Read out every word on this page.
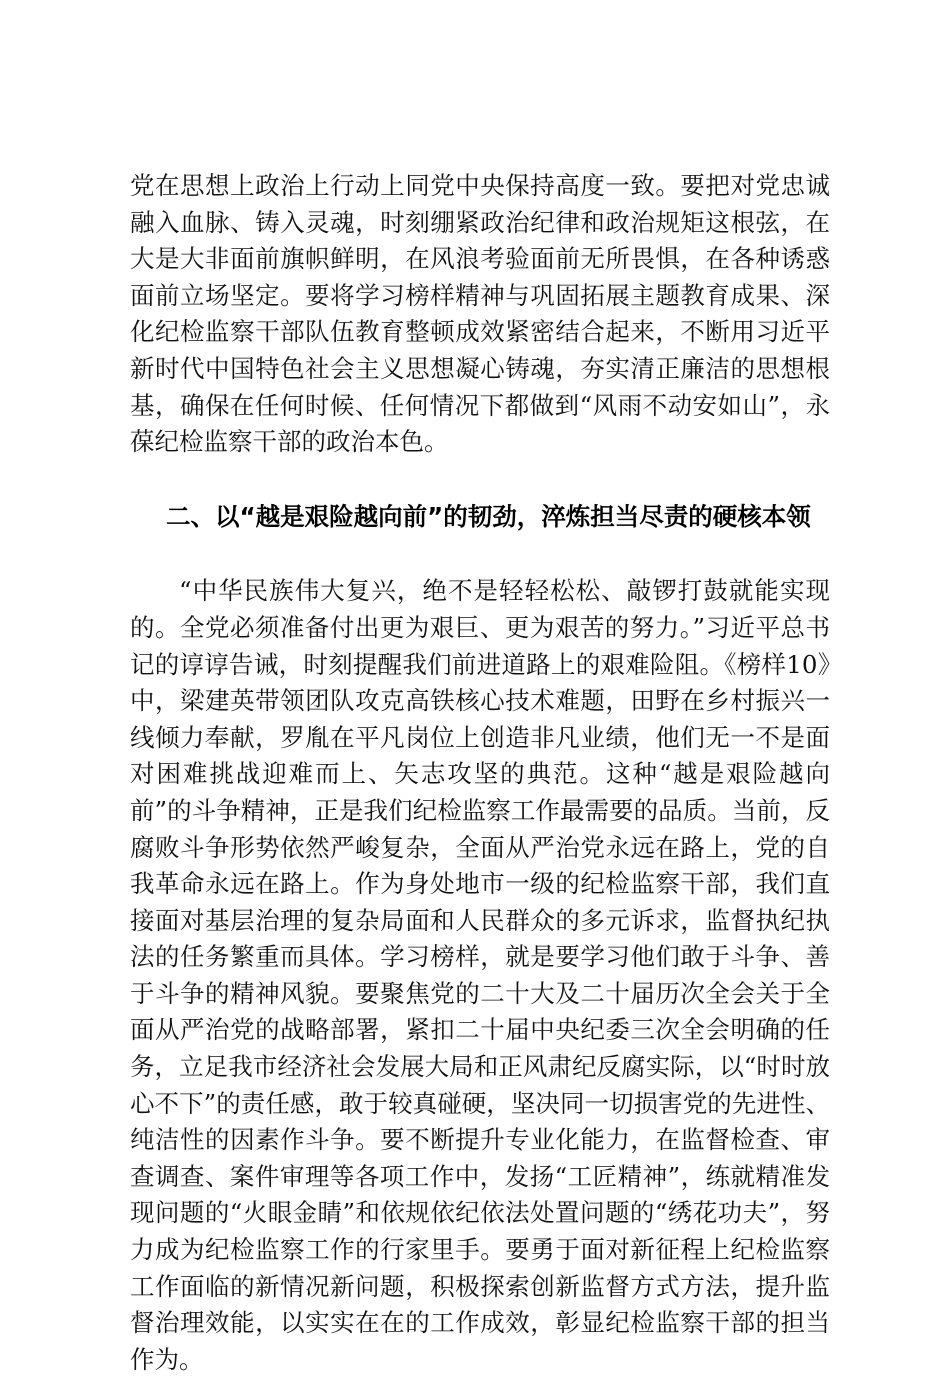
党在思想上政治上行动上同党中央保持高度一致。要把对党忠诚融入血脉、铸入灵魂，时刻绷紧政治纪律和政治规矩这根弦，在大是大非面前旗帜鲜明，在风浪考验面前无所畏惧，在各种诱惑面前立场坚定。要将学习榜样精神与巩固拓展主题教育成果、深化纪检监察干部队伍教育整顿成效紧密结合起来，不断用习近平新时代中国特色社会主义思想凝心铸魂，夯实清正廉洁的思想根基，确保在任何时候、任何情况下都做到“风雨不动安如山”，永葆纪检监察干部的政治本色。

二、以“越是艰险越向前”的韧劲，淬炼担当尽责的硬核本领

“中华民族伟大复兴，绝不是轻轻松松、敲锣打鼓就能实现的。全党必须准备付出更为艰巨、更为艰苦的努力。”习近平总书记的谆谆告诫，时刻提醒我们前进道路上的艰难险阻。《榜样10》中，梁建英带领团队攻克高铁核心技术难题，田野在乡村振兴一线倾力奉献，罗胤在平凡岗位上创造非凡业绩，他们无一不是面对困难挑战迎难而上、矢志攻坚的典范。这种“越是艰险越向前”的斗争精神，正是我们纪检监察工作最需要的品质。当前，反腐败斗争形势依然严峻复杂，全面从严治党永远在路上，党的自我革命永远在路上。作为身处地市一级的纪检监察干部，我们直接面对基层治理的复杂局面和人民群众的多元诉求，监督执纪执法的任务繁重而具体。学习榜样，就是要学习他们敢于斗争、善于斗争的精神风貌。要聚焦党的二十大及二十届历次全会关于全面从严治党的战略部署，紧扣二十届中央纪委三次全会明确的任务，立足我市经济社会发展大局和正风肃纪反腐实际，以“时时放心不下”的责任感，敢于较真碰硬，坚决同一切损害党的先进性、纯洁性的因素作斗争。要不断提升专业化能力，在监督检查、审查调查、案件审理等各项工作中，发扬“工匠精神”，练就精准发现问题的“火眼金睛”和依规依纪依法处置问题的“绣花功夫”，努力成为纪检监察工作的行家里手。要勇于面对新征程上纪检监察工作面临的新情况新问题，积极探索创新监督方式方法，提升监督治理效能，以实实在在的工作成效，彰显纪检监察干部的担当作为。
